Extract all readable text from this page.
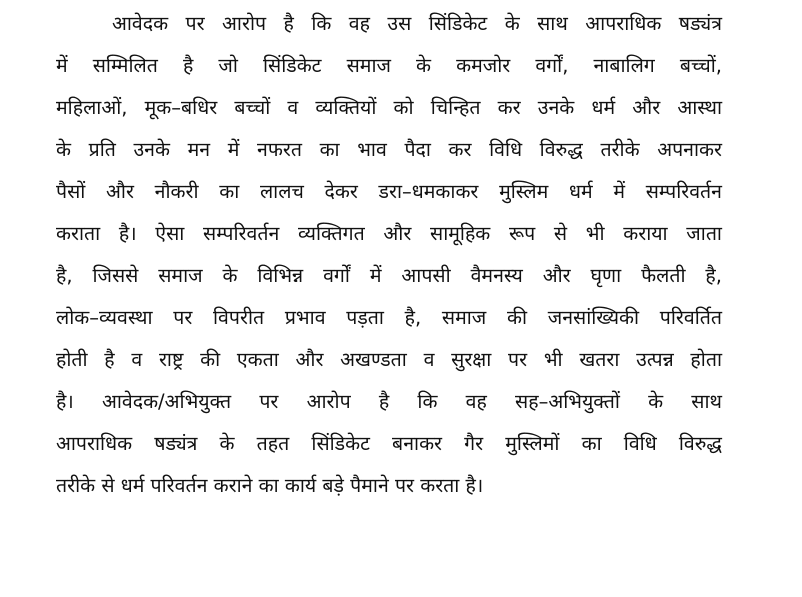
आवेदक पर आरोप है कि वह उस सिंडिकेट के साथ आपराधिक षड्यंत्र
में सम्मिलित है जो सिंडिकेट समाज के कमजोर वर्गों, नाबालिग बच्चों,
महिलाओं, मूक–बधिर बच्चों व व्यक्तियों को चिन्हित कर उनके धर्म और आस्था
के प्रति उनके मन में नफरत का भाव पैदा कर विधि विरुद्ध तरीके अपनाकर
पैसों और नौकरी का लालच देकर डरा–धमकाकर मुस्लिम धर्म में सम्परिवर्तन
कराता है। ऐसा सम्परिवर्तन व्यक्तिगत और सामूहिक रूप से भी कराया जाता
है, जिससे समाज के विभिन्न वर्गों में आपसी वैमनस्य और घृणा फैलती है,
लोक–व्यवस्था पर विपरीत प्रभाव पड़ता है, समाज की जनसांख्यिकी परिवर्तित
होती है व राष्ट्र की एकता और अखण्डता व सुरक्षा पर भी खतरा उत्पन्न होता
है। आवेदक/अभियुक्त पर आरोप है कि वह सह–अभियुक्तों के साथ
आपराधिक षड्यंत्र के तहत सिंडिकेट बनाकर गैर मुस्लिमों का विधि विरुद्ध
तरीके से धर्म परिवर्तन कराने का कार्य बड़े पैमाने पर करता है।
